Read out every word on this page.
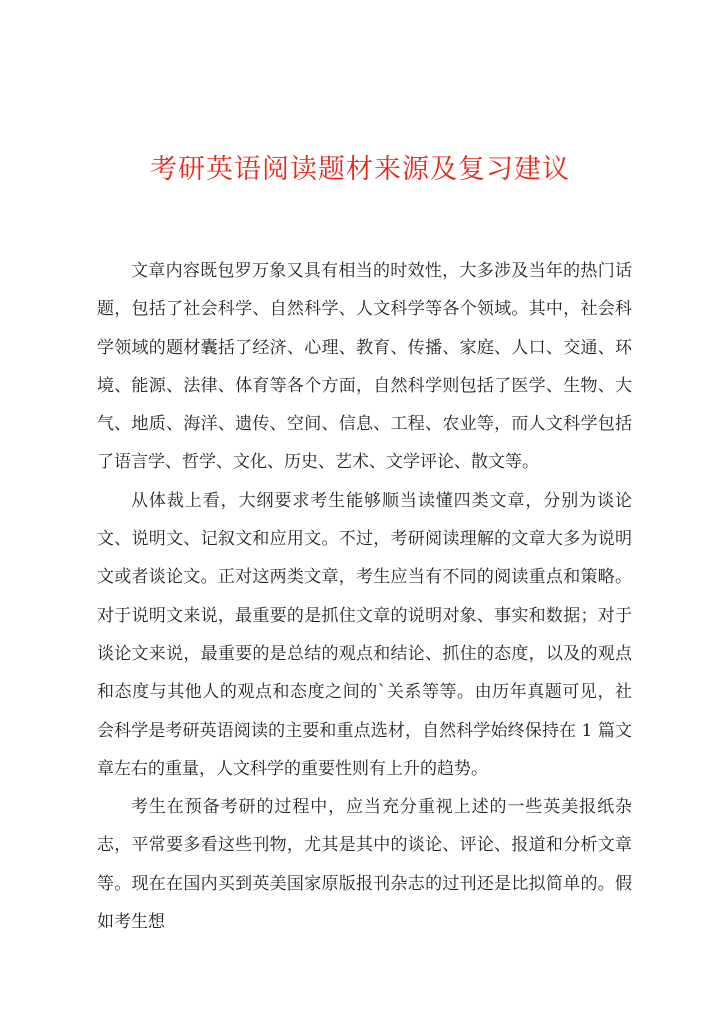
考研英语阅读题材来源及复习建议

文章内容既包罗万象又具有相当的时效性，大多涉及当年的热门话题，包括了社会科学、自然科学、人文科学等各个领域。其中，社会科学领域的题材囊括了经济、心理、教育、传播、家庭、人口、交通、环境、能源、法律、体育等各个方面，自然科学则包括了医学、生物、大气、地质、海洋、遗传、空间、信息、工程、农业等，而人文科学包括了语言学、哲学、文化、历史、艺术、文学评论、散文等。

从体裁上看，大纲要求考生能够顺当读懂四类文章，分别为谈论文、说明文、记叙文和应用文。不过，考研阅读理解的文章大多为说明文或者谈论文。正对这两类文章，考生应当有不同的阅读重点和策略。对于说明文来说，最重要的是抓住文章的说明对象、事实和数据；对于谈论文来说，最重要的是总结的观点和结论、抓住的态度，以及的观点和态度与其他人的观点和态度之间的`关系等等。由历年真题可见，社会科学是考研英语阅读的主要和重点选材，自然科学始终保持在 1 篇文章左右的重量，人文科学的重要性则有上升的趋势。

考生在预备考研的过程中，应当充分重视上述的一些英美报纸杂志，平常要多看这些刊物，尤其是其中的谈论、评论、报道和分析文章等。现在在国内买到英美国家原版报刊杂志的过刊还是比拟简单的。假如考生想
